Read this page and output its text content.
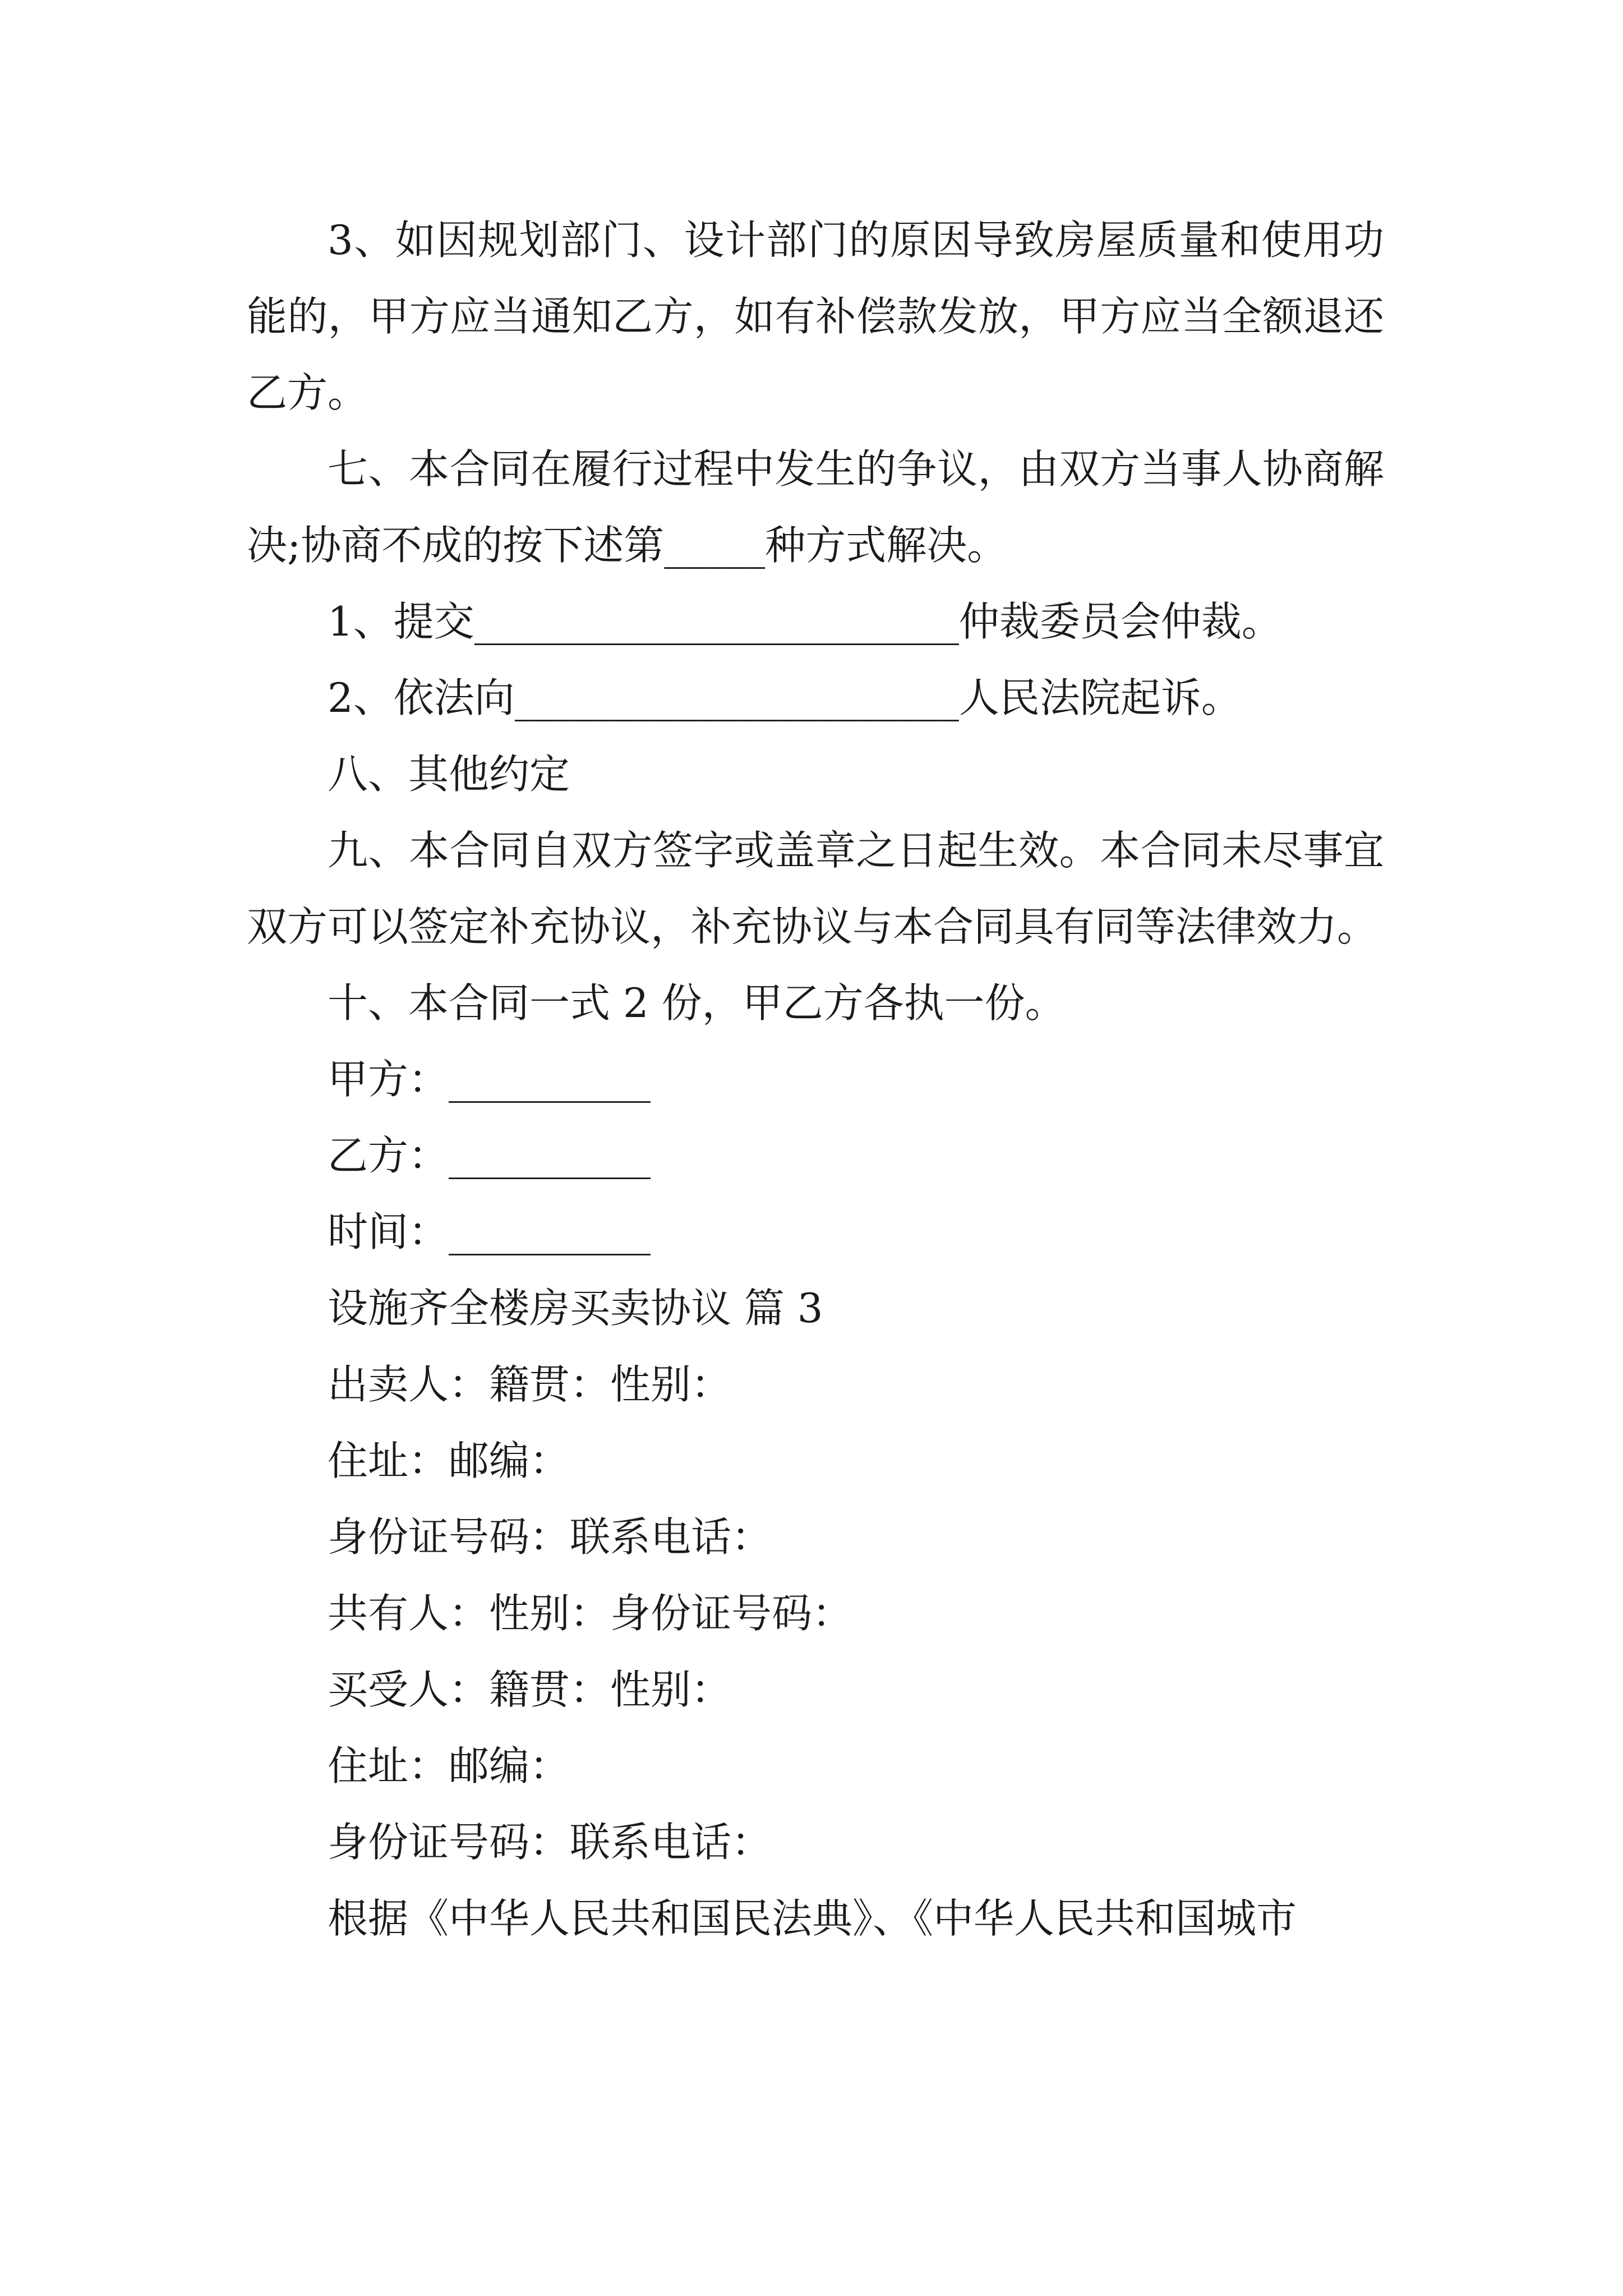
3、如因规划部门、设计部门的原因导致房屋质量和使用功能的，甲方应当通知乙方，如有补偿款发放，甲方应当全额退还乙方。

七、本合同在履行过程中发生的争议，由双方当事人协商解决;协商不成的按下述第_____种方式解决。

1、提交________________________仲裁委员会仲裁。

2、依法向______________________人民法院起诉。

八、其他约定

九、本合同自双方签字或盖章之日起生效。本合同未尽事宜双方可以签定补充协议，补充协议与本合同具有同等法律效力。

十、本合同一式 2 份，甲乙方各执一份。

甲方：__________

乙方：__________

时间：__________

设施齐全楼房买卖协议 篇 3

出卖人：籍贯：性别：

住址：邮编：

身份证号码：联系电话：

共有人：性别：身份证号码：

买受人：籍贯：性别：

住址：邮编：

身份证号码：联系电话：

根据《中华人民共和国民法典》、《中华人民共和国城市
